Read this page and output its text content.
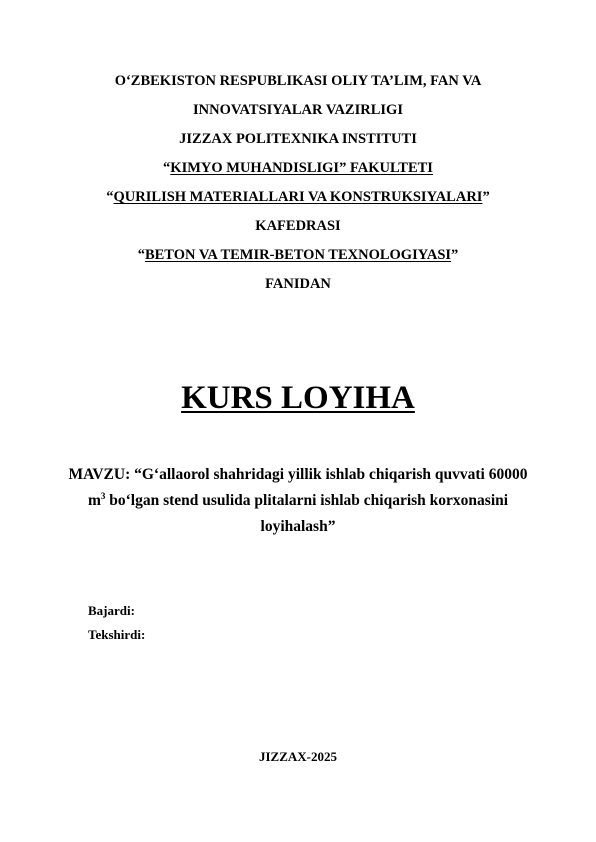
O‘ZBEKISTON RESPUBLIKASI OLIY TA’LIM, FAN VA
INNOVATSIYALAR VAZIRLIGI
JIZZAX POLITEXNIKA INSTITUTI
“KIMYO MUHANDISLIGI” FAKULTETI
“QURILISH MATERIALLARI VA KONSTRUKSIYALARI”
KAFEDRASI
“BETON VA TEMIR-BETON TEXNOLOGIYASI”
FANIDAN
KURS LOYIHA
MAVZU: “G‘allaorol shahridagi yillik ishlab chiqarish quvvati 60000
$m^3$ bo‘lgan stend usulida plitalarni ishlab chiqarish korxonasini
loyihalash”
Bajardi:
Tekshirdi:
JIZZAX-2025
